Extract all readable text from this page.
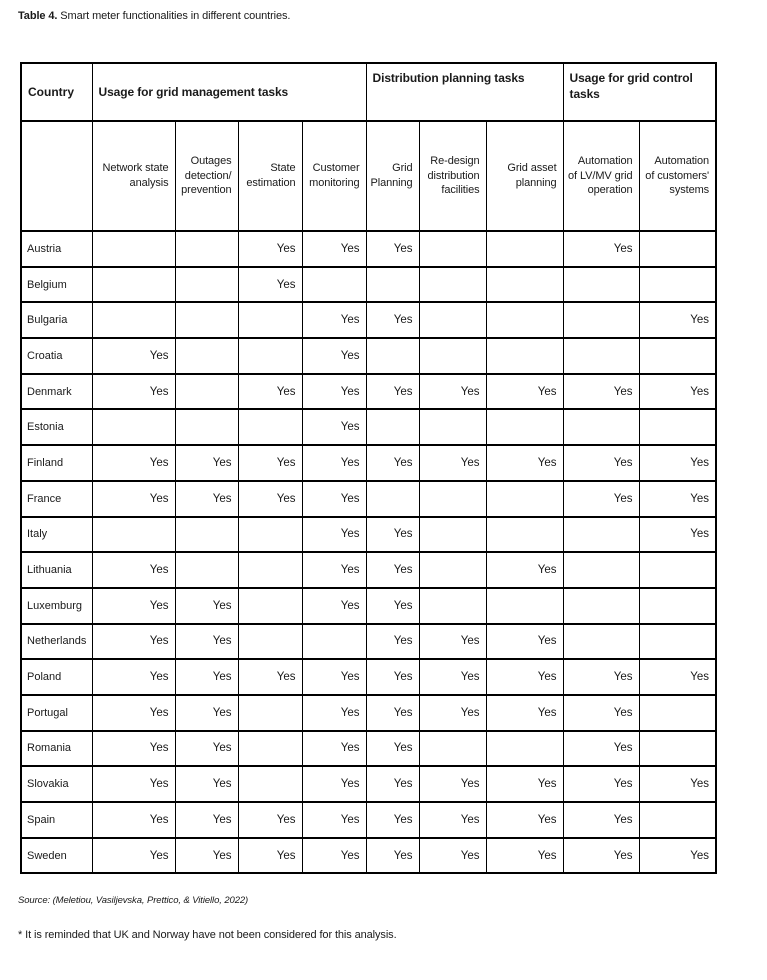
Table 4. Smart meter functionalities in different countries.
Country	Usage for grid management tasks				Distribution planning tasks			Usage for grid control tasks	
	Network state analysis	Outages detection/ prevention	State estimation	Customer monitoring	Grid Planning	Re-design distribution facilities	Grid asset planning	Automation of LV/MV grid operation	Automation of customers' systems
Austria			Yes	Yes	Yes			Yes	
Belgium			Yes						
Bulgaria				Yes	Yes				Yes
Croatia	Yes			Yes					
Denmark	Yes		Yes	Yes	Yes	Yes	Yes	Yes	Yes
Estonia				Yes					
Finland	Yes	Yes	Yes	Yes	Yes	Yes	Yes	Yes	Yes
France	Yes	Yes	Yes	Yes				Yes	Yes
Italy				Yes	Yes				Yes
Lithuania	Yes			Yes	Yes		Yes		
Luxemburg	Yes	Yes		Yes	Yes				
Netherlands	Yes	Yes			Yes	Yes	Yes		
Poland	Yes	Yes	Yes	Yes	Yes	Yes	Yes	Yes	Yes
Portugal	Yes	Yes		Yes	Yes	Yes	Yes	Yes	
Romania	Yes	Yes		Yes	Yes			Yes	
Slovakia	Yes	Yes		Yes	Yes	Yes	Yes	Yes	Yes
Spain	Yes	Yes	Yes	Yes	Yes	Yes	Yes	Yes	
Sweden	Yes	Yes	Yes	Yes	Yes	Yes	Yes	Yes	Yes
Source: (Meletiou, Vasiljevska, Prettico, & Vitiello, 2022)
* It is reminded that UK and Norway have not been considered for this analysis.
